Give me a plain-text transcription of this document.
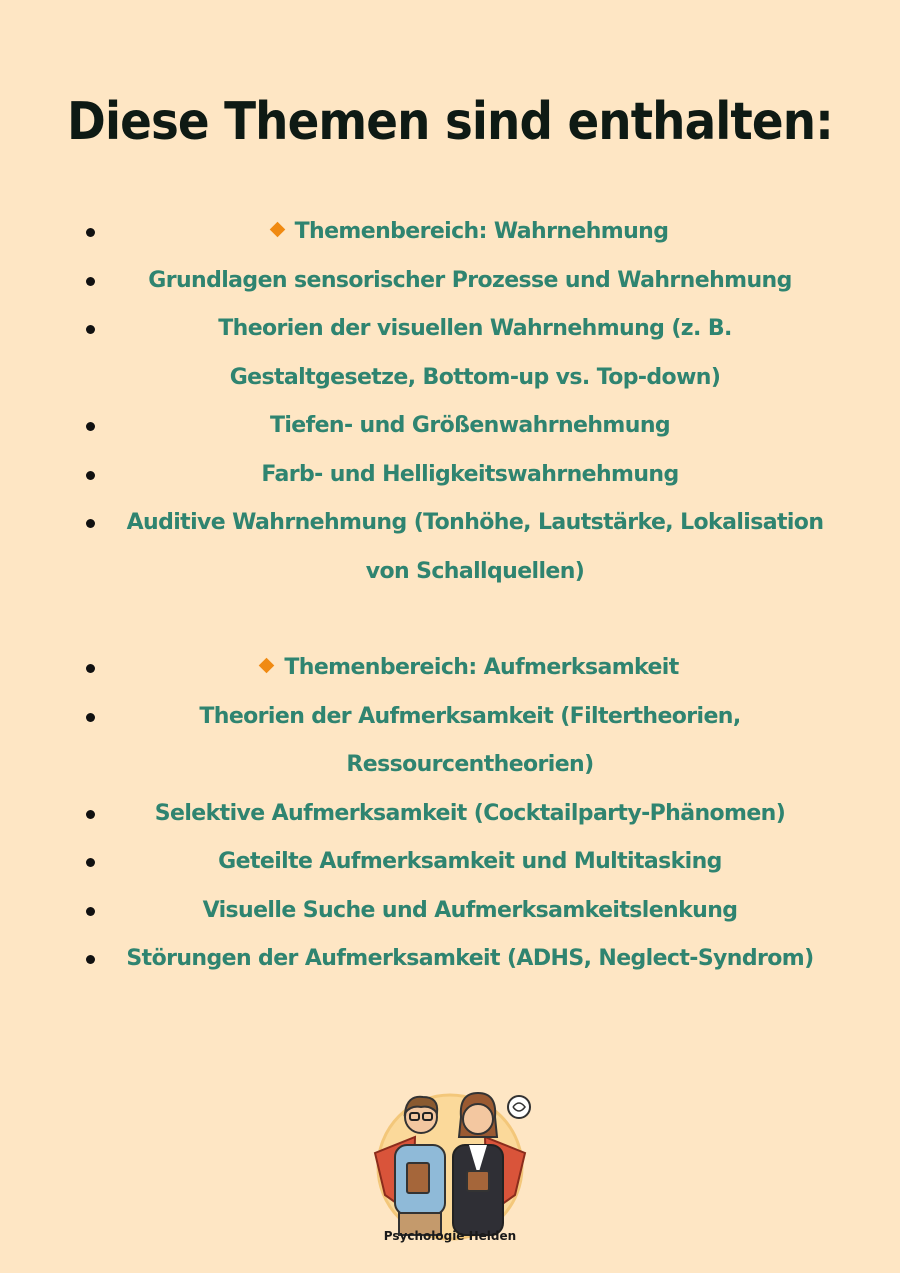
Diese Themen sind enthalten:
Themenbereich: Wahrnehmung
Grundlagen sensorischer Prozesse und Wahrnehmung
Theorien der visuellen Wahrnehmung (z. B. Gestaltgesetze, Bottom-up vs. Top-down)
Tiefen- und Größenwahrnehmung
Farb- und Helligkeitswahrnehmung
Auditive Wahrnehmung (Tonhöhe, Lautstärke, Lokalisation von Schallquellen)
Themenbereich: Aufmerksamkeit
Theorien der Aufmerksamkeit (Filtertheorien, Ressourcentheorien)
Selektive Aufmerksamkeit (Cocktailparty-Phänomen)
Geteilte Aufmerksamkeit und Multitasking
Visuelle Suche und Aufmerksamkeitslenkung
Störungen der Aufmerksamkeit (ADHS, Neglect-Syndrom)
Psychologie Helden
